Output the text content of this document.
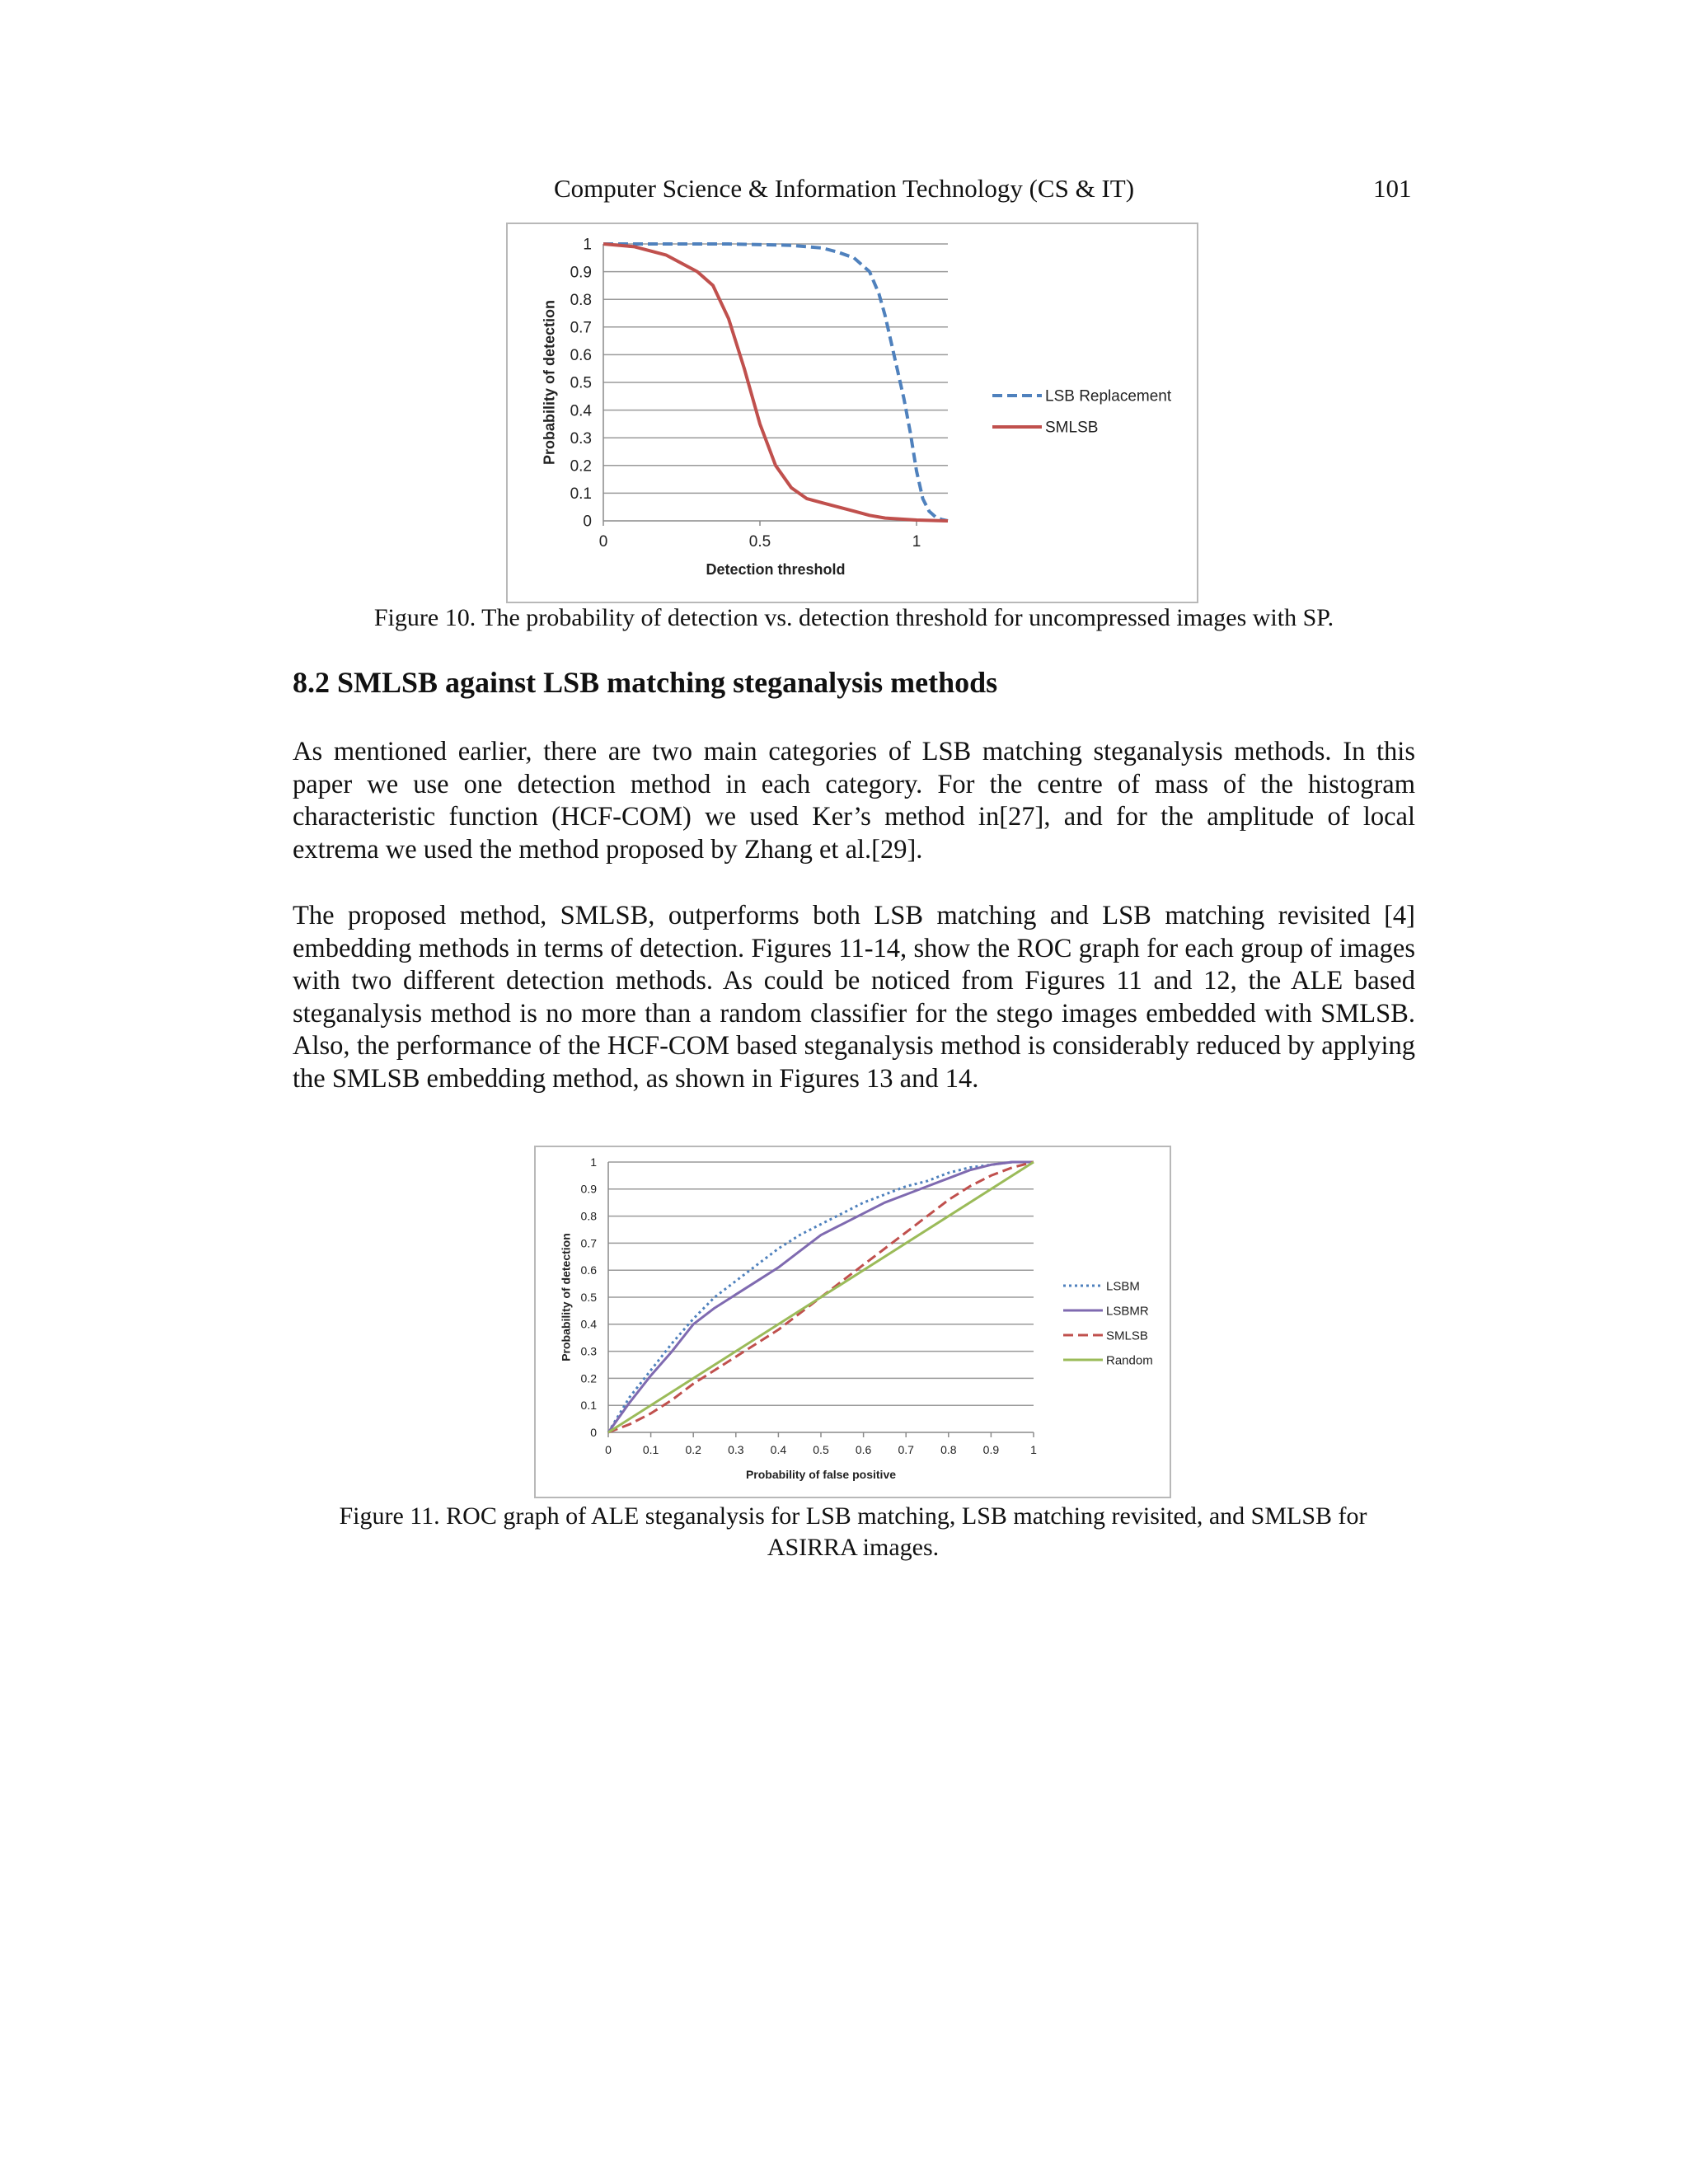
Computer Science & Information Technology (CS & IT)	101
0
0.1
0.2
0.3
0.4
0.5
0.6
0.7
0.8
0.9
1
0	0.5	1
Detection threshold
Probability of detection	LSB Replacement
SMLSB
Figure 10. The probability of detection vs. detection threshold for uncompressed images with SP.
8.2 SMLSB against LSB matching steganalysis methods

As mentioned earlier, there are two main categories of LSB matching steganalysis methods. In this paper we use one detection method in each category. For the centre of mass of the histogram characteristic function (HCF-COM) we used Ker’s method in[27], and for the amplitude of local extrema we used the method proposed by Zhang et al.[29].

The proposed method, SMLSB, outperforms both LSB matching and LSB matching revisited [4] embedding methods in terms of detection. Figures 11-14, show the ROC graph for each group of images with two different detection methods. As could be noticed from Figures 11 and 12, the ALE based steganalysis method is no more than a random classifier for the stego images embedded with SMLSB. Also, the performance of the HCF-COM based steganalysis method is considerably reduced by applying the SMLSB embedding method, as shown in Figures 13 and 14.

0
0.1
0.2
0.3
0.4
0.5
0.6
0.7
0.8
0.9
1
0	0.1 0.2 0.3 0.4 0.5 0.6 0.7 0.8 0.9	1
Probability of false positive
Probability of detection	LSBM
LSBMR
SMLSB
Random
Figure 11. ROC graph of ALE steganalysis for LSB matching, LSB matching revisited, and SMLSB for ASIRRA images.
